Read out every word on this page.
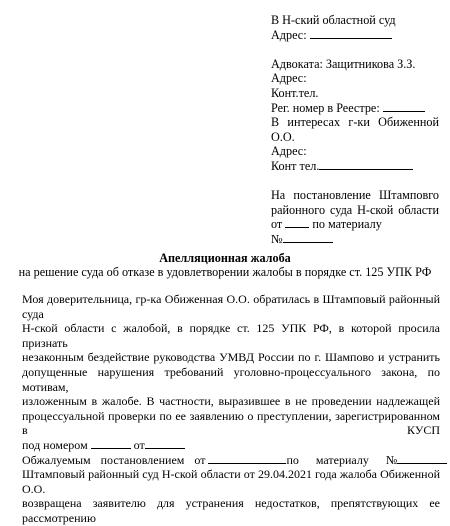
В Н-ский областной суд
Адрес:
Адвоката: Защитникова З.З.
Адрес:
Конт.тел.
Рег. номер в Реестре:
В интересах г-ки Обиженной
О.О.
Адрес:
Конт тел.
На постановление Штамповго
районного суда Н-ской области
от по материалу
№
Апелляционная жалоба
на решение суда об отказе в удовлетворении жалобы в порядке ст. 125 УПК РФ
Моя доверительница, гр-ка Обиженная О.О. обратилась в Штамповый районный суда
Н-ской области с жалобой, в порядке ст. 125 УПК РФ, в которой просила признать
незаконным бездействие руководства УМВД России по г. Шампово и устранить
допущенные нарушения требований уголовно-процессуального закона, по мотивам,
изложенным в жалобе. В частности, выразившее в не проведении надлежащей
процессуальной проверки по ее заявлению о преступлении, зарегистрированном в КУСП
под номером	от
Обжалуемым постановлением от	по материалу №
Штамповый районный суд Н-ской области от 29.04.2021 года жалоба Обиженной О.О.
возвращена заявителю для устранения недостатков, препятствующих ее рассмотрению
